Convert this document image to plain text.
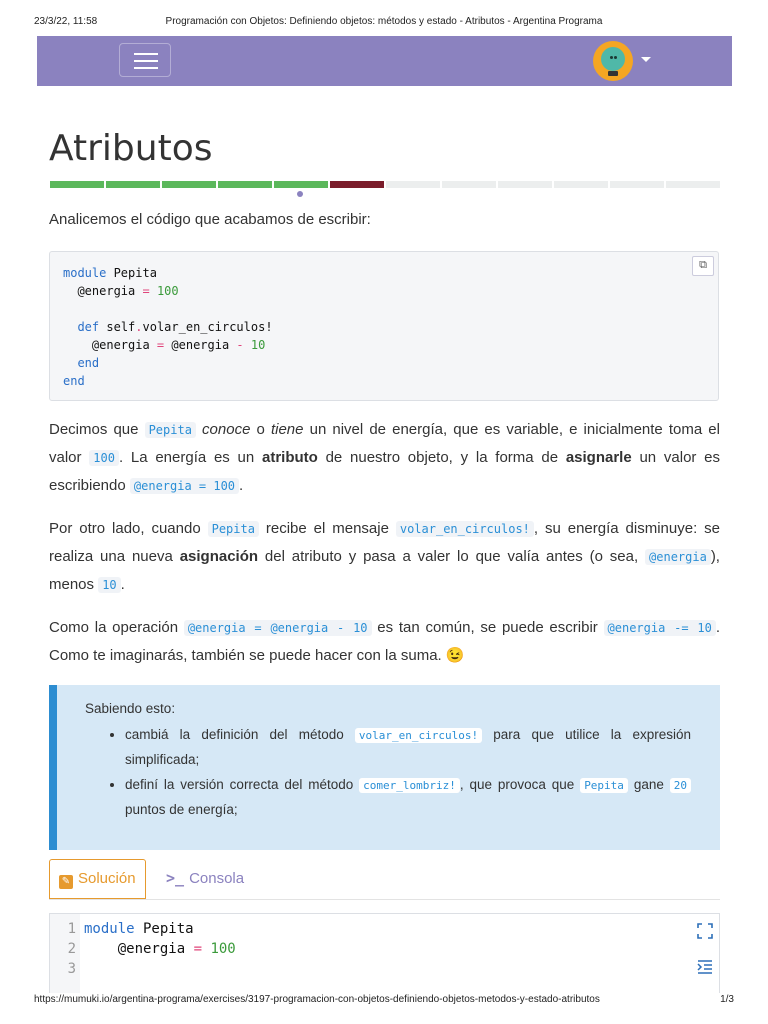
23/3/22, 11:58	Programación con Objetos: Definiendo objetos: métodos y estado - Atributos - Argentina Programa
https://mumuki.io/argentina-programa/exercises/3197-programacion-con-objetos-definiendo-objetos-metodos-y-estado-atributos	1/3
Atributos

Analicemos el código que acabamos de escribir:

⧉
module Pepita
@energia = 100

def self.volar_en_circulos!
@energia = @energia - 10
end
end

Decimos que Pepita conoce o tiene un nivel de energía, que es variable, e inicialmente toma el valor 100 . La energía es un atributo de nuestro objeto, y la forma de asignarle un valor es escribiendo @energia = 100 .

Por otro lado, cuando Pepita recibe el mensaje volar_en_circulos! , su energía disminuye: se realiza una nueva asignación del atributo y pasa a valer lo que valía antes (o sea, @energia ), menos 10 .

Como la operación @energia = @energia - 10 es tan común, se puede escribir @energia -= 10 . Como te imaginarás, también se puede hacer con la suma. 😉

Sabiendo esto:
• cambiá la definición del método volar_en_circulos! para que utilice la expresión simplificada;
• definí la versión correcta del método comer_lombriz! , que provoca que Pepita gane 20 puntos de energía;
✎ Solución	>_ Consola
1
2
3
module Pepita
@energia = 100
